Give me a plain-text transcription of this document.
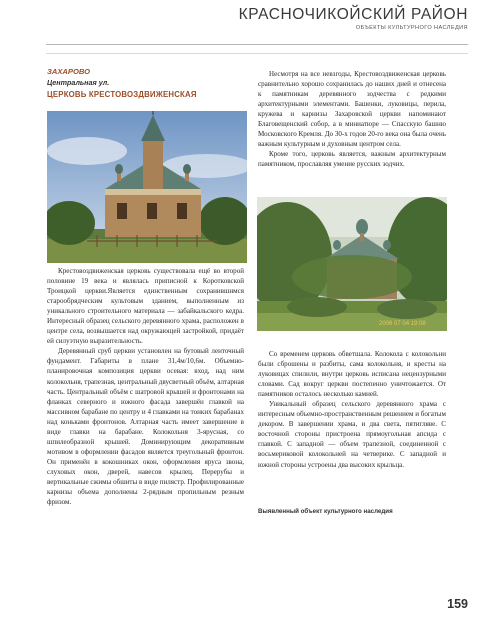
КРАСНОЧИКОЙСКИЙ РАЙОН
ОБЪЕКТЫ КУЛЬТУРНОГО НАСЛЕДИЯ
ЗАХАРОВО
Центральная ул.
ЦЕРКОВЬ КРЕСТОВОЗДВИЖЕНСКАЯ
2006 07 04 19:08

Крестовоздвиженская церковь существовала ещё во второй половине 19 века и являлась приписной к Коротковской Троицкой церкви.Является единственным сохранившимся старообрядческим культовым зданием, выполненным из уникального строительного материала — забайкальского кедра. Интересный образец сельского деревянного храма, расположен в центре села, возвышается над окружающей застройкой, придаёт ей силуэтную выразительность.

Деревянный сруб церкви установлен на бутовый ленточный фундамент. Габариты в плане 31,4м/10,6м. Объемно-планировочная композиция церкви осевая: вход, над ним колокольня, трапезная, центральный двусветный объём, алтарная часть. Центральный объём с шатровой крышей и фронтонами на фланках северного и южного фасада завершён главкой на массивном барабане по центру и 4 главками на тонких барабанах над коньками фронтонов. Алтарная часть имеет завершение в виде главки на барабане. Колокольня 3-ярусная, со шпилеобразной крышей. Доминирующим декоративным мотивом в оформлении фасадов является треугольный фронтон. Он применён в кокошниках окон, оформления яруса звона, слуховых окон, дверей, навесов крылец. Перерубы и вертикальные сжимы обшиты в виде пилястр. Профилированные карнизы объема дополнены 2-рядным пропильным резным фризом.

Несмотря на все невзгоды, Крестовоздвиженская церковь сравнительно хорошо сохранилась до наших дней и отнесена к памятникам деревянного зодчества с редкими архитектурными элементами. Башенки, луковицы, перила, кружева и карнизы Захаровской церкви напоминают Благовещенский собор, а в миниатюре — Спасскую башню Московского Кремля. До 30-х годов 20-го века она была очень важным культурным и духовным центром села.

Кроме того, церковь является, важным архитектурным памятником, прославляя умение русских зодчих.

Со временем церковь обветшала. Колокола с колокольни были сброшены и разбиты, сама колокольня, и кресты на луковицах спилили, внутри церковь исписана нецензурными словами. Сад вокруг церкви постепенно уничтожается. От памятников осталось несколько камней.

Уникальный образец сельского деревянного храма с интересным объемно-пространственным решением и богатым декором. В завершении храма, и два света, пятигляве. С восточной стороны пристроена прямоугольная апсида с главкой. С западной — объем трапезной, соединенной с восьмериковой колокольней на четверике. С западной и южной стороны устроены два высоких крыльца.

Выявленный объект культурного наследия
159
